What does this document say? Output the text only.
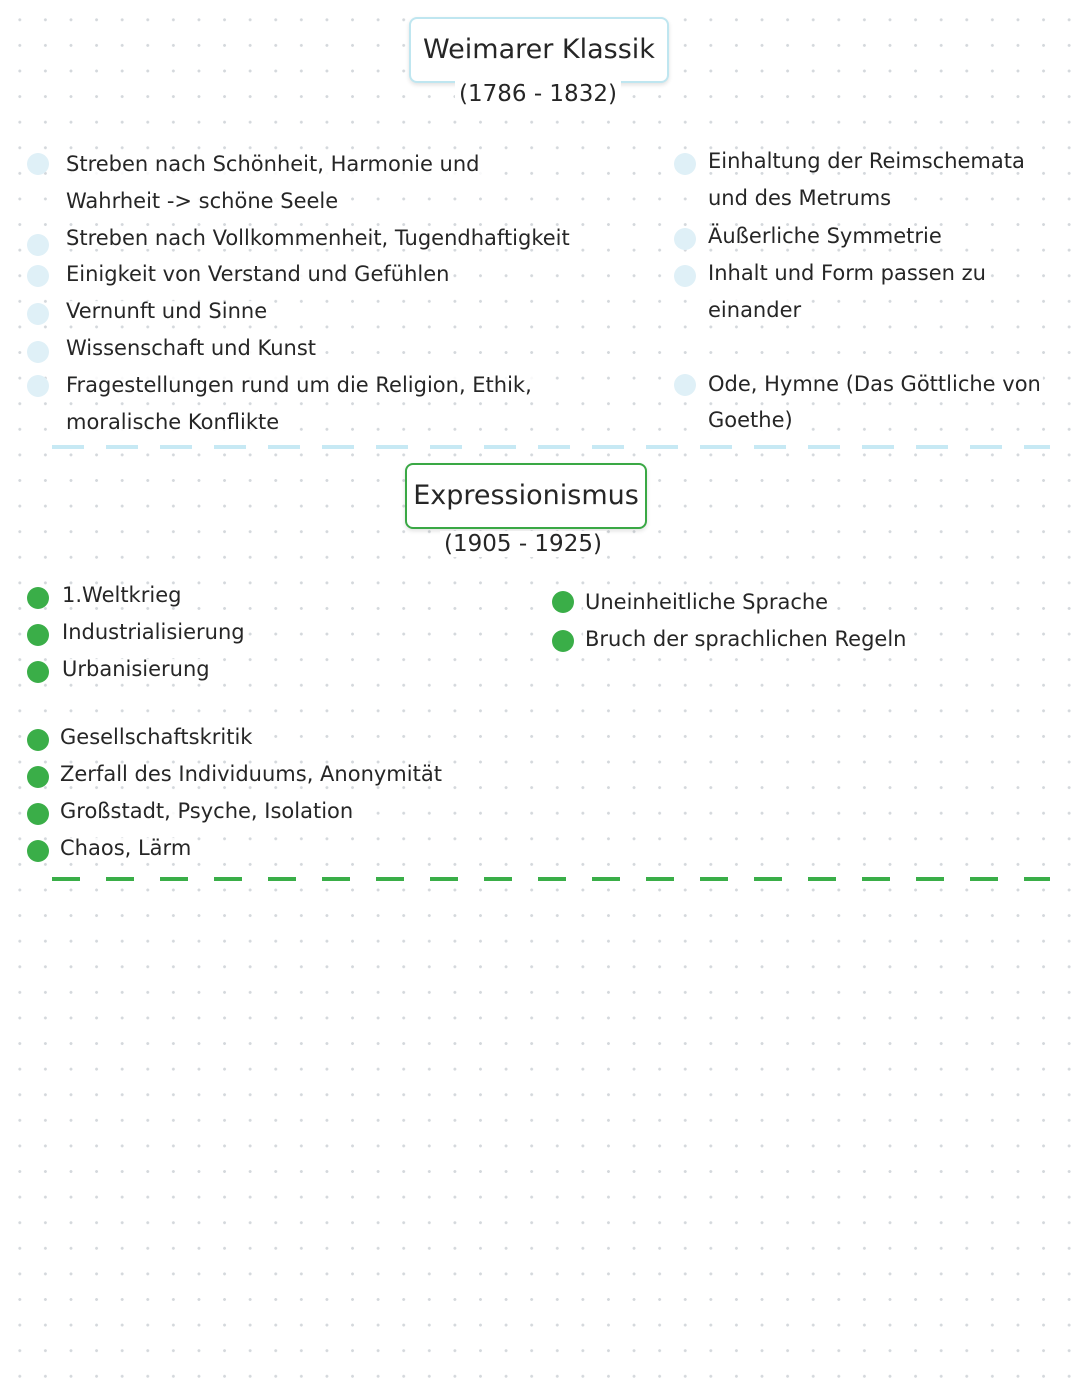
Weimarer Klassik
(1786 - 1832)
Streben nach Schönheit, Harmonie und
Wahrheit -> schöne Seele
Streben nach Vollkommenheit, Tugendhaftigkeit
Einigkeit von Verstand und Gefühlen
Vernunft und Sinne
Wissenschaft und Kunst
Fragestellungen rund um die Religion, Ethik,
moralische Konflikte
Einhaltung der Reimschemata
und des Metrums
Äußerliche Symmetrie
Inhalt und Form passen zu
einander
Ode, Hymne (Das Göttliche von
Goethe)
Expressionismus
(1905 - 1925)
1.Weltkrieg
Industrialisierung
Urbanisierung
Gesellschaftskritik
Zerfall des Individuums, Anonymität
Großstadt, Psyche, Isolation
Chaos, Lärm
Uneinheitliche Sprache
Bruch der sprachlichen Regeln
